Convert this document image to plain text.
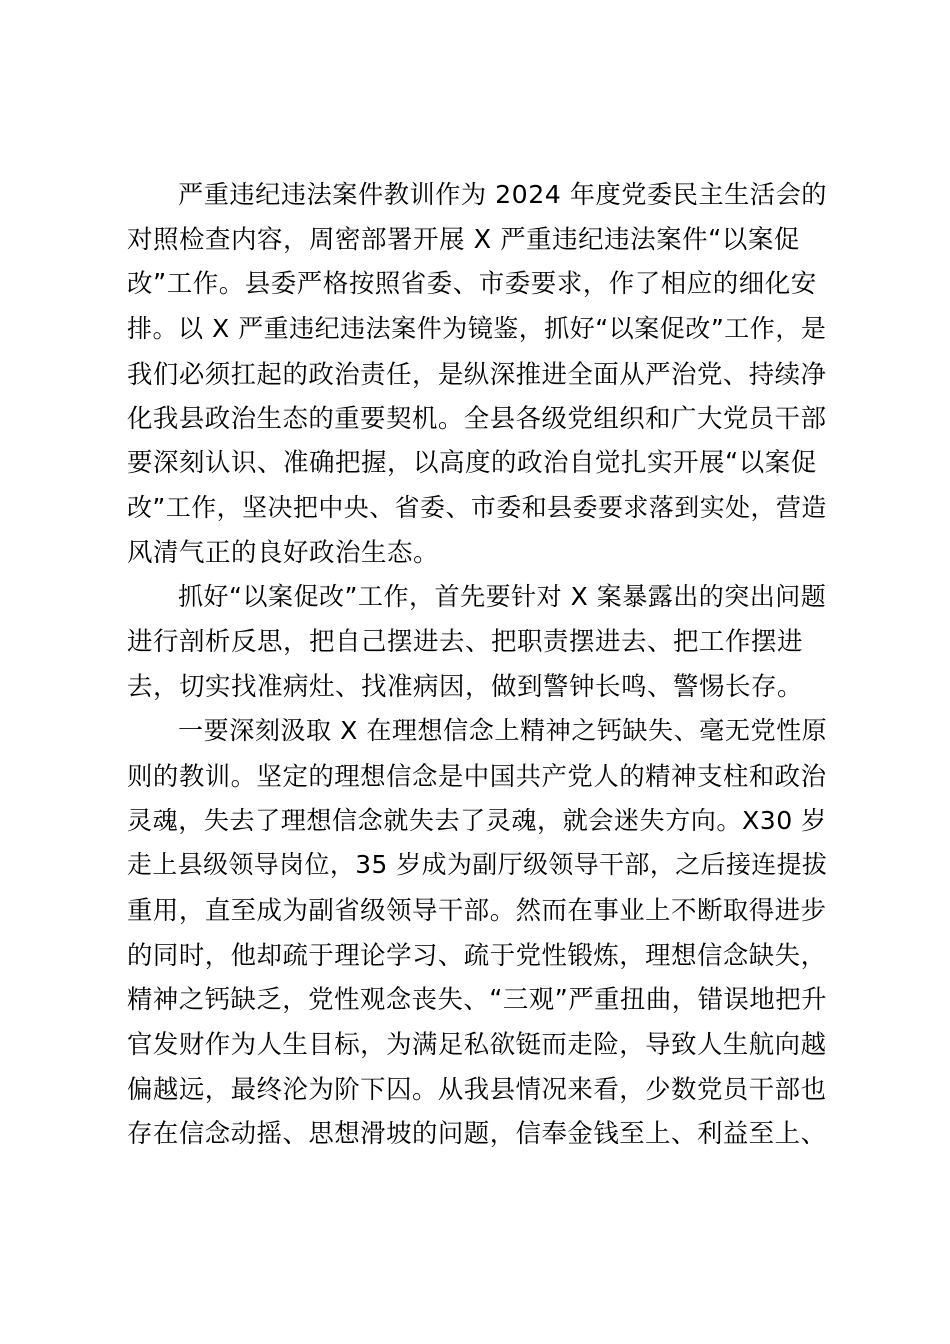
严重违纪违法案件教训作为 2024 年度党委民主生活会的
对照检查内容，周密部署开展 X 严重违纪违法案件“以案促
改”工作。县委严格按照省委、市委要求，作了相应的细化安
排。以 X 严重违纪违法案件为镜鉴，抓好“以案促改”工作，是
我们必须扛起的政治责任，是纵深推进全面从严治党、持续净
化我县政治生态的重要契机。全县各级党组织和广大党员干部
要深刻认识、准确把握，以高度的政治自觉扎实开展“以案促
改”工作，坚决把中央、省委、市委和县委要求落到实处，营造
风清气正的良好政治生态。
抓好“以案促改”工作，首先要针对 X 案暴露出的突出问题
进行剖析反思，把自己摆进去、把职责摆进去、把工作摆进
去，切实找准病灶、找准病因，做到警钟长鸣、警惕长存。
一要深刻汲取 X 在理想信念上精神之钙缺失、毫无党性原
则的教训。坚定的理想信念是中国共产党人的精神支柱和政治
灵魂，失去了理想信念就失去了灵魂，就会迷失方向。X30 岁
走上县级领导岗位，35 岁成为副厅级领导干部，之后接连提拔
重用，直至成为副省级领导干部。然而在事业上不断取得进步
的同时，他却疏于理论学习、疏于党性锻炼，理想信念缺失，
精神之钙缺乏，党性观念丧失、“三观”严重扭曲，错误地把升
官发财作为人生目标，为满足私欲铤而走险，导致人生航向越
偏越远，最终沦为阶下囚。从我县情况来看，少数党员干部也
存在信念动摇、思想滑坡的问题，信奉金钱至上、利益至上、
